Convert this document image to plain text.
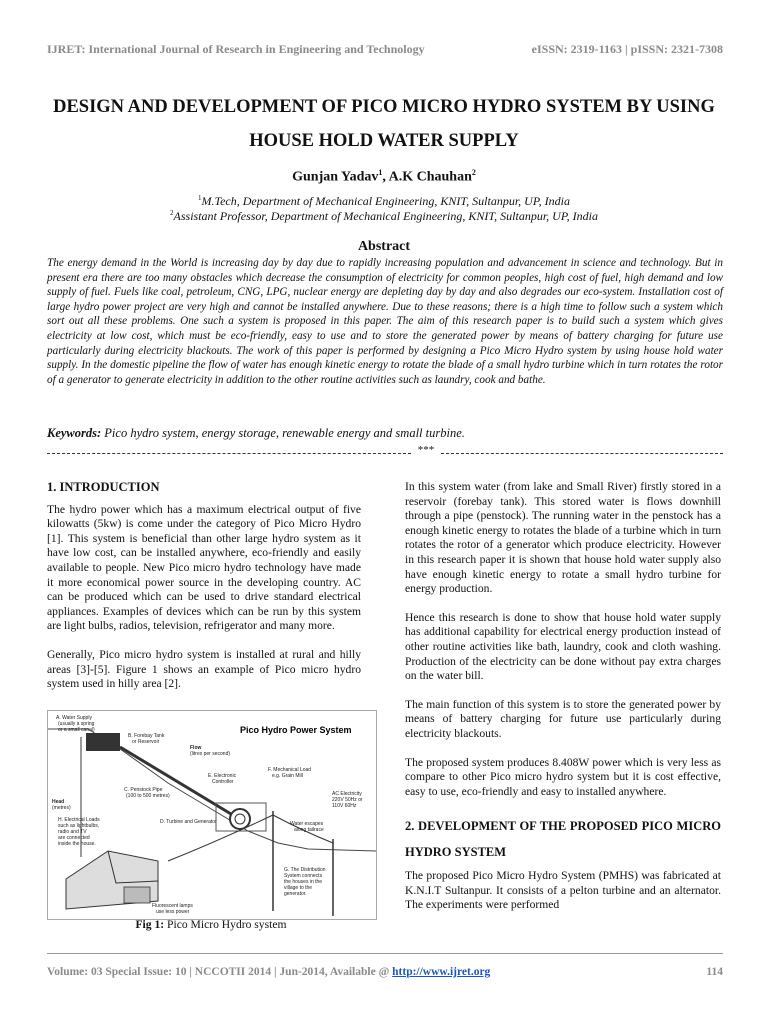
IJRET: International Journal of Research in Engineering and Technology	eISSN: 2319-1163 | pISSN: 2321-7308
DESIGN AND DEVELOPMENT OF PICO MICRO HYDRO SYSTEM BY USING HOUSE HOLD WATER SUPPLY
Gunjan Yadav$^1$, A.K Chauhan$^2$
$^1$M.Tech, Department of Mechanical Engineering, KNIT, Sultanpur, UP, India
$^2$Assistant Professor, Department of Mechanical Engineering, KNIT, Sultanpur, UP, India
Abstract
The energy demand in the World is increasing day by day due to rapidly increasing population and advancement in science and technology. But in present era there are too many obstacles which decrease the consumption of electricity for common peoples, high cost of fuel, high demand and low supply of fuel. Fuels like coal, petroleum, CNG, LPG, nuclear energy are depleting day by day and also degrades our eco-system. Installation cost of large hydro power project are very high and cannot be installed anywhere. Due to these reasons; there is a high time to follow such a system which sort out all these problems. One such a system is proposed in this paper. The aim of this research paper is to build such a system which gives electricity at low cost, which must be eco-friendly, easy to use and to store the generated power by means of battery charging for future use particularly during electricity blackouts. The work of this paper is performed by designing a Pico Micro Hydro system by using house hold water supply. In the domestic pipeline the flow of water has enough kinetic energy to rotate the blade of a small hydro turbine which in turn rotates the rotor of a generator to generate electricity in addition to the other routine activities such as laundry, cook and bathe.
Keywords: Pico hydro system, energy storage, renewable energy and small turbine.
***
1. INTRODUCTION

The hydro power which has a maximum electrical output of five kilowatts (5kw) is come under the category of Pico Micro Hydro [1]. This system is beneficial than other large hydro system as it have low cost, can be installed anywhere, eco-friendly and easily available to people. New Pico micro hydro technology have made it more economical power source in the developing country. AC can be produced which can be used to drive standard electrical appliances. Examples of devices which can be run by this system are light bulbs, radios, television, refrigerator and many more.

Generally, Pico micro hydro system is installed at rural and hilly areas [3]-[5]. Figure 1 shows an example of Pico micro hydro system used in hilly area [2].

Pico Hydro Power System
A. Water Supply
(usually a spring
or a small canal)
B. Forebay Tank
or Reservoir
Flow
(litres per second)
Head
(metres)
C. Penstock Pipe
(100 to 500 metres)
E. Electronic
Controller
F. Mechanical Load
e.g. Grain Mill
AC Electricity
220V 50Hz or
110V 60Hz
D. Turbine and Generator
H. Electrical Loads
such as lightbulbs,
radio and TV
are connected
inside the house.
Water escapes
along tailrace
G. The Distribution
System connects
the houses in the
village to the
generator.
Fluorescent lamps
use less power
Fig 1: Pico Micro Hydro system

In this system water (from lake and Small River) firstly stored in a reservoir (forebay tank). This stored water is flows downhill through a pipe (penstock). The running water in the penstock has a enough kinetic energy to rotates the blade of a turbine which in turn rotates the rotor of a generator which produce electricity. However in this research paper it is shown that house hold water supply also have enough kinetic energy to rotate a small hydro turbine for energy production.

Hence this research is done to show that house hold water supply has additional capability for electrical energy production instead of other routine activities like bath, laundry, cook and cloth washing. Production of the electricity can be done without pay extra charges on the water bill.

The main function of this system is to store the generated power by means of battery charging for future use particularly during electricity blackouts.

The proposed system produces 8.408W power which is very less as compare to other Pico micro hydro system but it is cost effective, easy to use, eco-friendly and easy to installed anywhere.

2. DEVELOPMENT OF THE PROPOSED PICO MICRO HYDRO SYSTEM

The proposed Pico Micro Hydro System (PMHS) was fabricated at K.N.I.T Sultanpur. It consists of a pelton turbine and an alternator. The experiments were performed

Volume: 03 Special Issue: 10 | NCCOTII 2014 | Jun-2014, Available @ http://www.ijret.org	114
